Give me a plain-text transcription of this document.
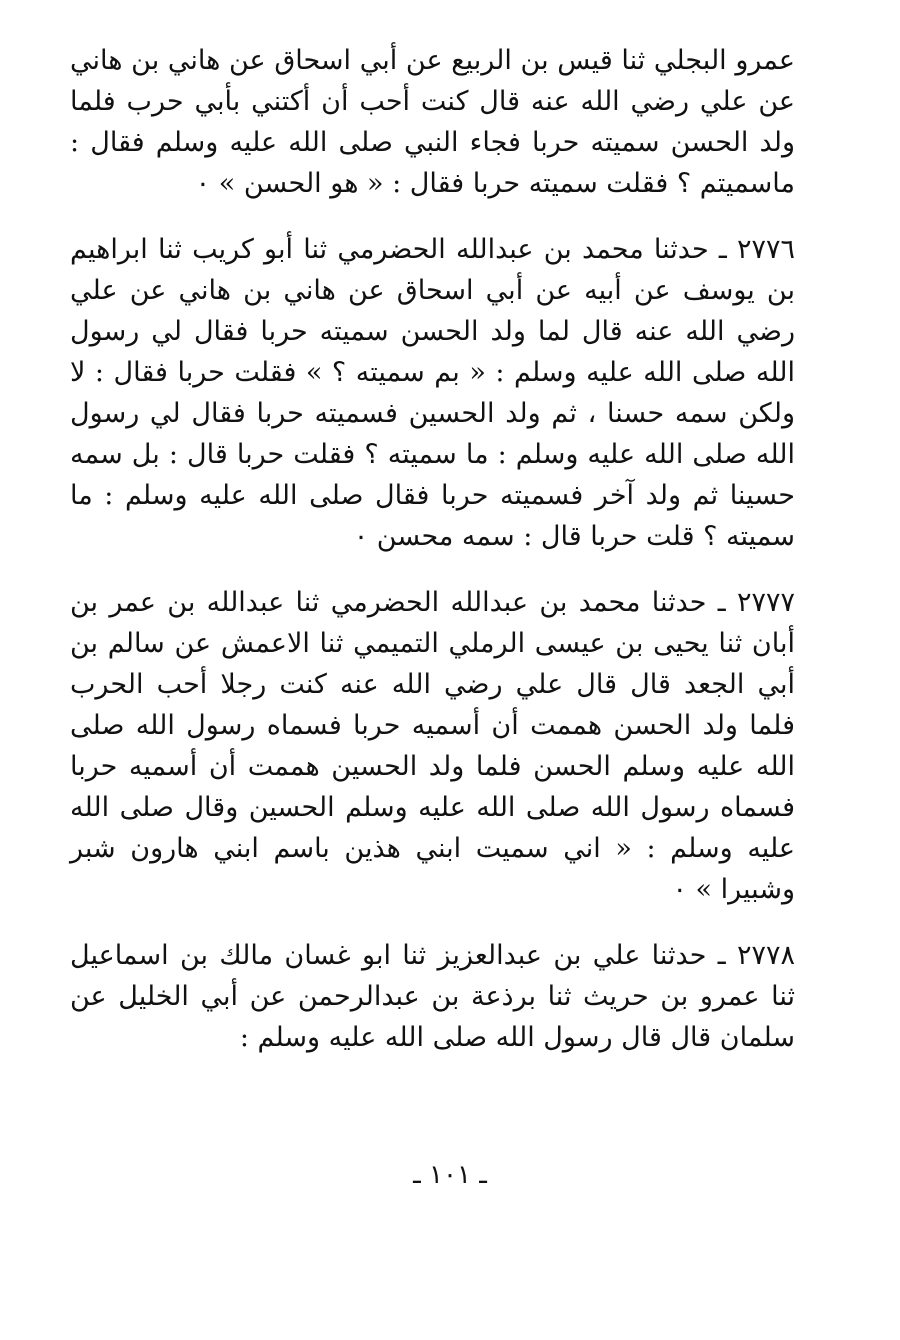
عمرو البجلي ثنا قيس بن الربيع عن أبي اسحاق عن هاني بن هاني عن علي رضي الله عنه قال كنت أحب أن أكتني بأبي حرب فلما ولد الحسن سميته حربا فجاء النبي صلى الله عليه وسلم فقال : ماسميتم ؟ فقلت سميته حربا فقال : « هو الحسن » ٠

٢٧٧٦ ـ حدثنا محمد بن عبدالله الحضرمي ثنا أبو كريب ثنا ابراهيم بن يوسف عن أبيه عن أبي اسحاق عن هاني بن هاني عن علي رضي الله عنه قال لما ولد الحسن سميته حربا فقال لي رسول الله صلى الله عليه وسلم : « بم سميته ؟ » فقلت حربا فقال : لا ولكن سمه حسنا ، ثم ولد الحسين فسميته حربا فقال لي رسول الله صلى الله عليه وسلم : ما سميته ؟ فقلت حربا قال : بل سمه حسينا ثم ولد آخر فسميته حربا فقال صلى الله عليه وسلم : ما سميته ؟ قلت حربا قال : سمه محسن ٠

٢٧٧٧ ـ حدثنا محمد بن عبدالله الحضرمي ثنا عبدالله بن عمر بن أبان ثنا يحيى بن عيسى الرملي التميمي ثنا الاعمش عن سالم بن أبي الجعد قال قال علي رضي الله عنه كنت رجلا أحب الحرب فلما ولد الحسن هممت أن أسميه حربا فسماه رسول الله صلى الله عليه وسلم الحسن فلما ولد الحسين هممت أن أسميه حربا فسماه رسول الله صلى الله عليه وسلم الحسين وقال صلى الله عليه وسلم : « اني سميت ابني هذين باسم ابني هارون شبر وشبيرا » ٠

٢٧٧٨ ـ حدثنا علي بن عبدالعزيز ثنا ابو غسان مالك بن اسماعيل ثنا عمرو بن حريث ثنا برذعة بن عبدالرحمن عن أبي الخليل عن سلمان قال قال رسول الله صلى الله عليه وسلم :

ـ ١٠١ ـ
